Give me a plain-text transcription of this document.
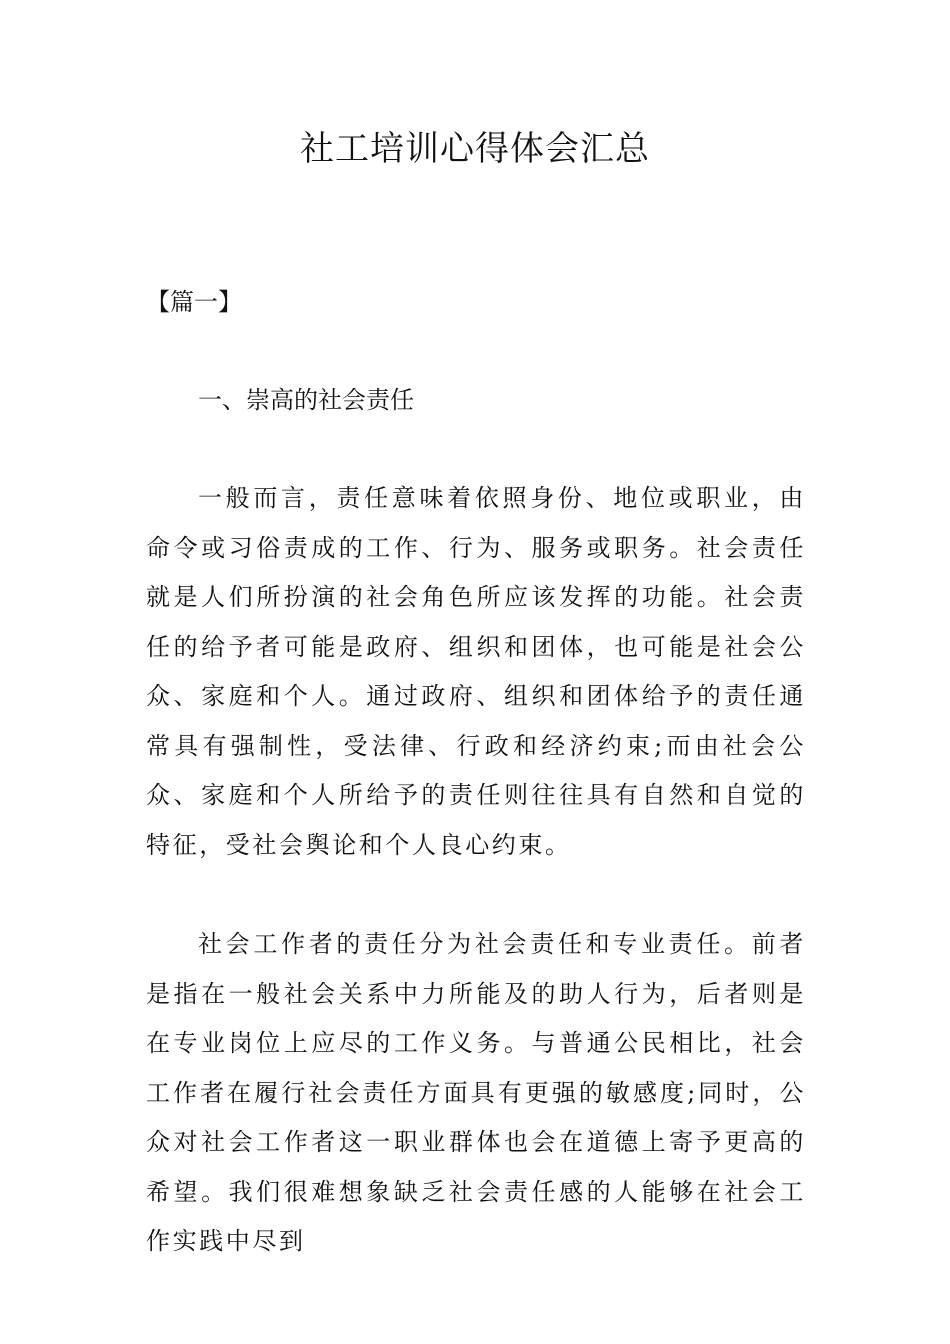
社工培训心得体会汇总

【篇一】

一、崇高的社会责任

一般而言，责任意味着依照身份、地位或职业，由命令或习俗责成的工作、行为、服务或职务。社会责任就是人们所扮演的社会角色所应该发挥的功能。社会责任的给予者可能是政府、组织和团体，也可能是社会公众、家庭和个人。通过政府、组织和团体给予的责任通常具有强制性，受法律、行政和经济约束;而由社会公众、家庭和个人所给予的责任则往往具有自然和自觉的特征，受社会舆论和个人良心约束。

社会工作者的责任分为社会责任和专业责任。前者是指在一般社会关系中力所能及的助人行为，后者则是在专业岗位上应尽的工作义务。与普通公民相比，社会工作者在履行社会责任方面具有更强的敏感度;同时，公众对社会工作者这一职业群体也会在道德上寄予更高的希望。我们很难想象缺乏社会责任感的人能够在社会工作实践中尽到
